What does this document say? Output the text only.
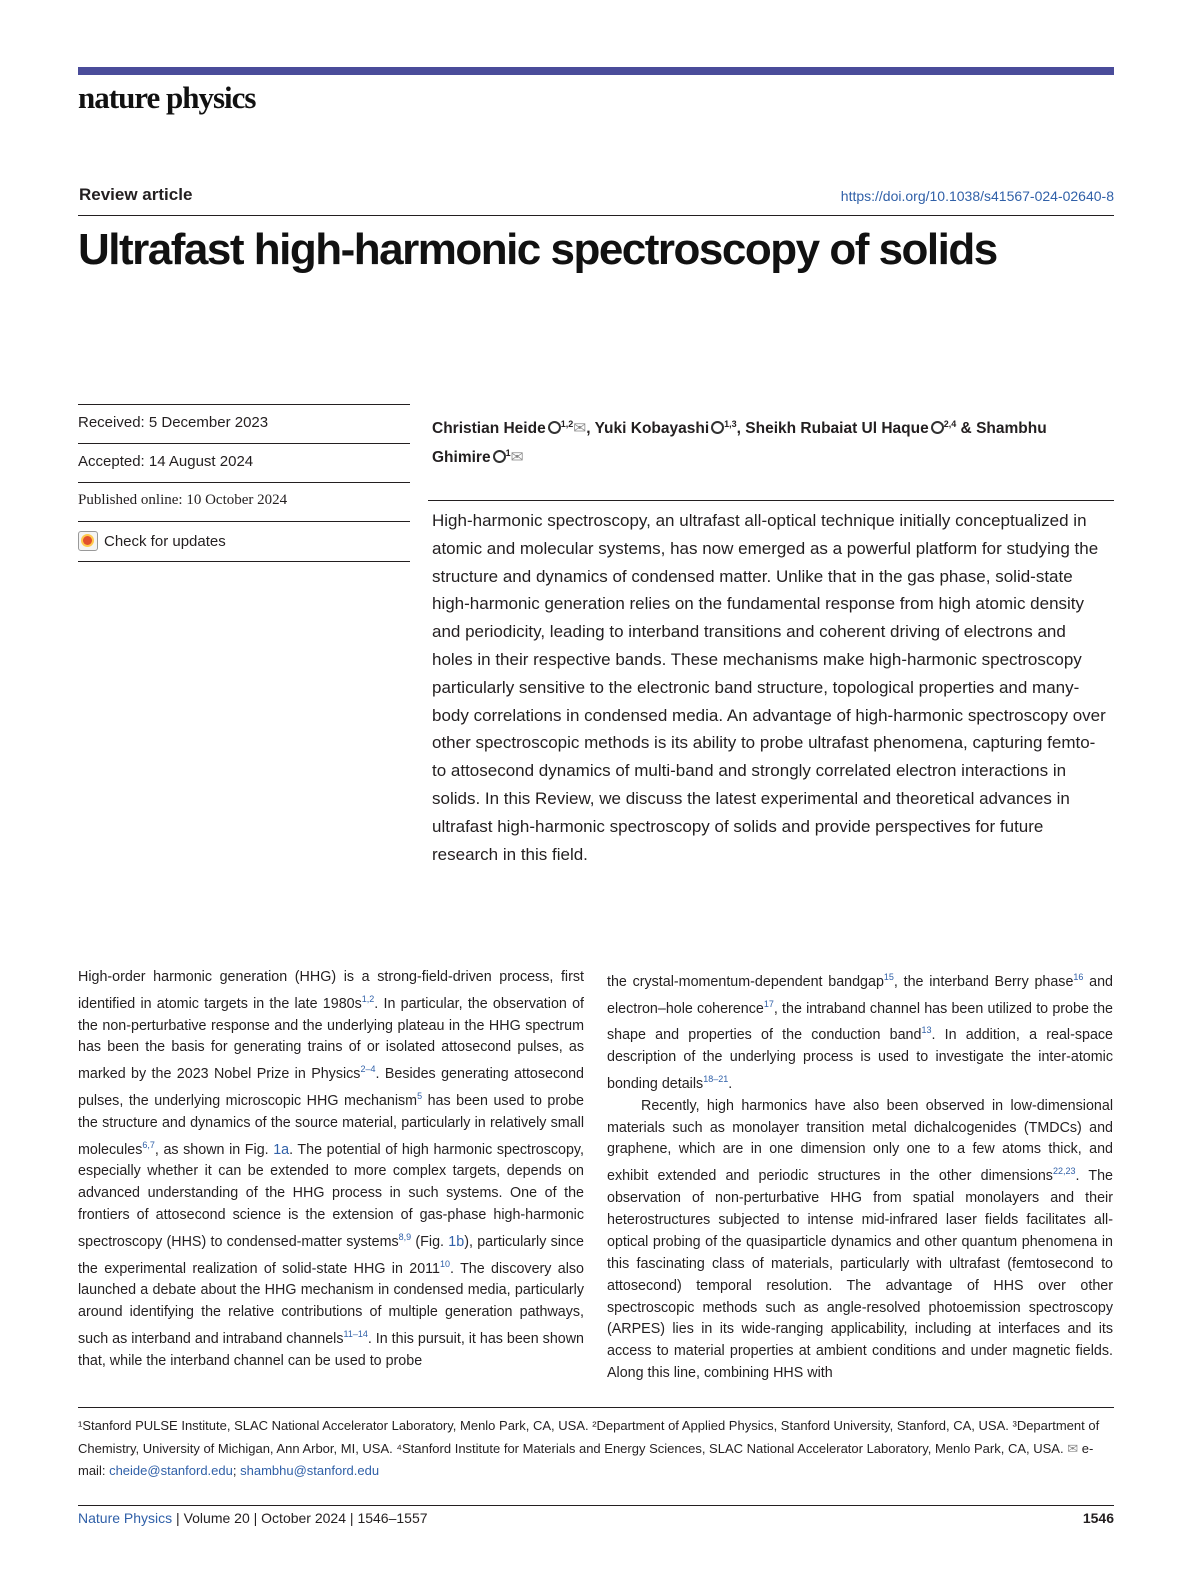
nature physics
Review article	https://doi.org/10.1038/s41567-024-02640-8
Ultrafast high-harmonic spectroscopy of solids
Received: 5 December 2023
Accepted: 14 August 2024
Published online: 10 October 2024
Check for updates
Christian Heide $^{1,2}$✉, Yuki Kobayashi $^{1,3}$, Sheikh Rubaiat Ul Haque $^{2,4}$ & Shambhu Ghimire $^1$✉

High-harmonic spectroscopy, an ultrafast all-optical technique initially conceptualized in atomic and molecular systems, has now emerged as a powerful platform for studying the structure and dynamics of condensed matter. Unlike that in the gas phase, solid-state high-harmonic generation relies on the fundamental response from high atomic density and periodicity, leading to interband transitions and coherent driving of electrons and holes in their respective bands. These mechanisms make high-harmonic spectroscopy particularly sensitive to the electronic band structure, topological properties and many-body correlations in condensed media. An advantage of high-harmonic spectroscopy over other spectroscopic methods is its ability to probe ultrafast phenomena, capturing femto- to attosecond dynamics of multi-band and strongly correlated electron interactions in solids. In this Review, we discuss the latest experimental and theoretical advances in ultrafast high-harmonic spectroscopy of solids and provide perspectives for future research in this field.

High-order harmonic generation (HHG) is a strong-field-driven process, first identified in atomic targets in the late $1980s^{1,2}$. In particular, the observation of the non-perturbative response and the underlying plateau in the HHG spectrum has been the basis for generating trains of or isolated attosecond pulses, as marked by the 2023 Nobel Prize in Physics$^{2-4}$. Besides generating attosecond pulses, the underlying microscopic HHG mechanism$^5$ has been used to probe the structure and dynamics of the source material, particularly in relatively small molecules$^{6,7}$, as shown in Fig. 1a. The potential of high harmonic spectroscopy, especially whether it can be extended to more complex targets, depends on advanced understanding of the HHG process in such systems. One of the frontiers of attosecond science is the extension of gas-phase high-harmonic spectroscopy (HHS) to condensed-matter systems$^{8,9}$ (Fig. 1b), particularly since the experimental realization of solid-state HHG in 2011$^{10}$. The discovery also launched a debate about the HHG mechanism in condensed media, particularly around identifying the relative contributions of multiple generation pathways, such as interband and intraband channels$^{11-14}$. In this pursuit, it has been shown that, while the interband channel can be used to probe

the crystal-momentum-dependent bandgap$^{15}$, the interband Berry phase$^{16}$ and electron–hole coherence$^{17}$, the intraband channel has been utilized to probe the shape and properties of the conduction band$^{13}$. In addition, a real-space description of the underlying process is used to investigate the inter-atomic bonding details$^{18-21}$.

Recently, high harmonics have also been observed in low-dimensional materials such as monolayer transition metal dichalcogenides (TMDCs) and graphene, which are in one dimension only one to a few atoms thick, and exhibit extended and periodic structures in the other dimensions$^{22,23}$. The observation of non-perturbative HHG from spatial monolayers and their heterostructures subjected to intense mid-infrared laser fields facilitates all-optical probing of the quasiparticle dynamics and other quantum phenomena in this fascinating class of materials, particularly with ultrafast (femtosecond to attosecond) temporal resolution. The advantage of HHS over other spectroscopic methods such as angle-resolved photoemission spectroscopy (ARPES) lies in its wide-ranging applicability, including at interfaces and its access to material properties at ambient conditions and under magnetic fields. Along this line, combining HHS with

¹Stanford PULSE Institute, SLAC National Accelerator Laboratory, Menlo Park, CA, USA. ²Department of Applied Physics, Stanford University, Stanford, CA, USA. ³Department of Chemistry, University of Michigan, Ann Arbor, MI, USA. ⁴Stanford Institute for Materials and Energy Sciences, SLAC National Accelerator Laboratory, Menlo Park, CA, USA. ✉ e-mail: cheide@stanford.edu; shambhu@stanford.edu
Nature Physics | Volume 20 | October 2024 | 1546–1557	1546
